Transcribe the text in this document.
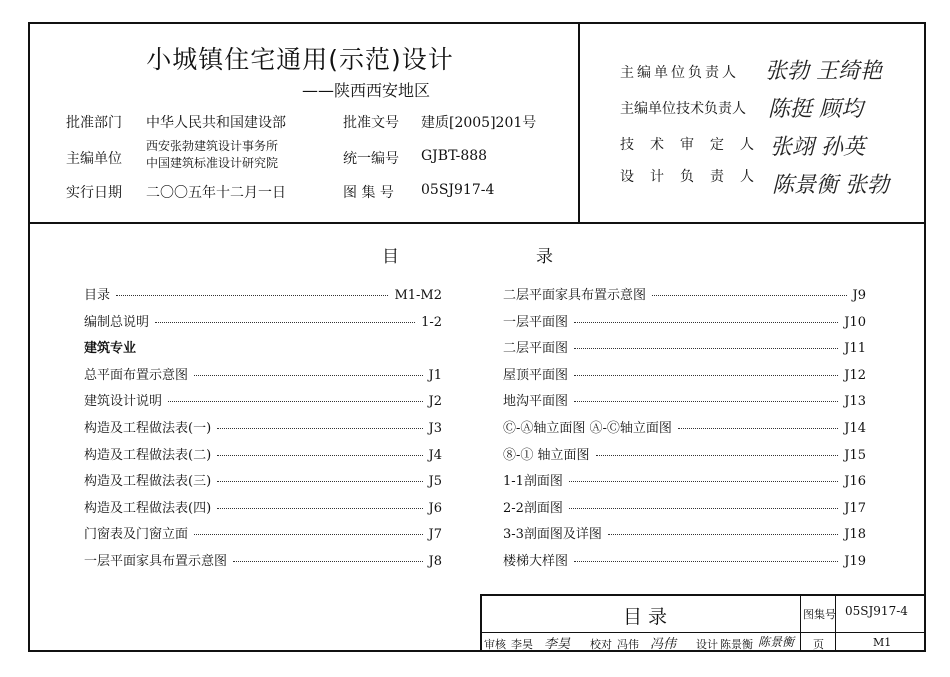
小城镇住宅通用(示范)设计
——陕西西安地区
批准部门 中华人民共和国建设部	批准文号 建质[2005]201号
主编单位
西安张勃建筑设计事务所
中国建筑标准设计研究院	统一编号 GJBT-888
实行日期 二〇〇五年十二月一日	图 集 号 05SJ917-4
主编单位负责人 张勃 王绮艳
主编单位技术负责人 陈挺 顾均
技术审定人 张翊 孙英
设计负责人 陈景衡 张勃
目	录
目录	M1-M2
编制总说明	1-2
建筑专业
总平面布置示意图	J1
建筑设计说明	J2
构造及工程做法表(一)	J3
构造及工程做法表(二)	J4
构造及工程做法表(三)	J5
构造及工程做法表(四)	J6
门窗表及门窗立面	J7
一层平面家具布置示意图	J8
二层平面家具布置示意图	J9
一层平面图	J10
二层平面图	J11
屋顶平面图	J12
地沟平面图	J13
Ⓒ-Ⓐ轴立面图 Ⓐ-Ⓒ轴立面图	J14
⑧-① 轴立面图	J15
1-1剖面图	J16
2-2剖面图	J17
3-3剖面图及详图	J18
楼梯大样图	J19
目 录	图集号 05SJ917-4
审核 李昊 李昊 校对 冯伟 冯伟 设计 陈景衡 陈景衡 页	M1
